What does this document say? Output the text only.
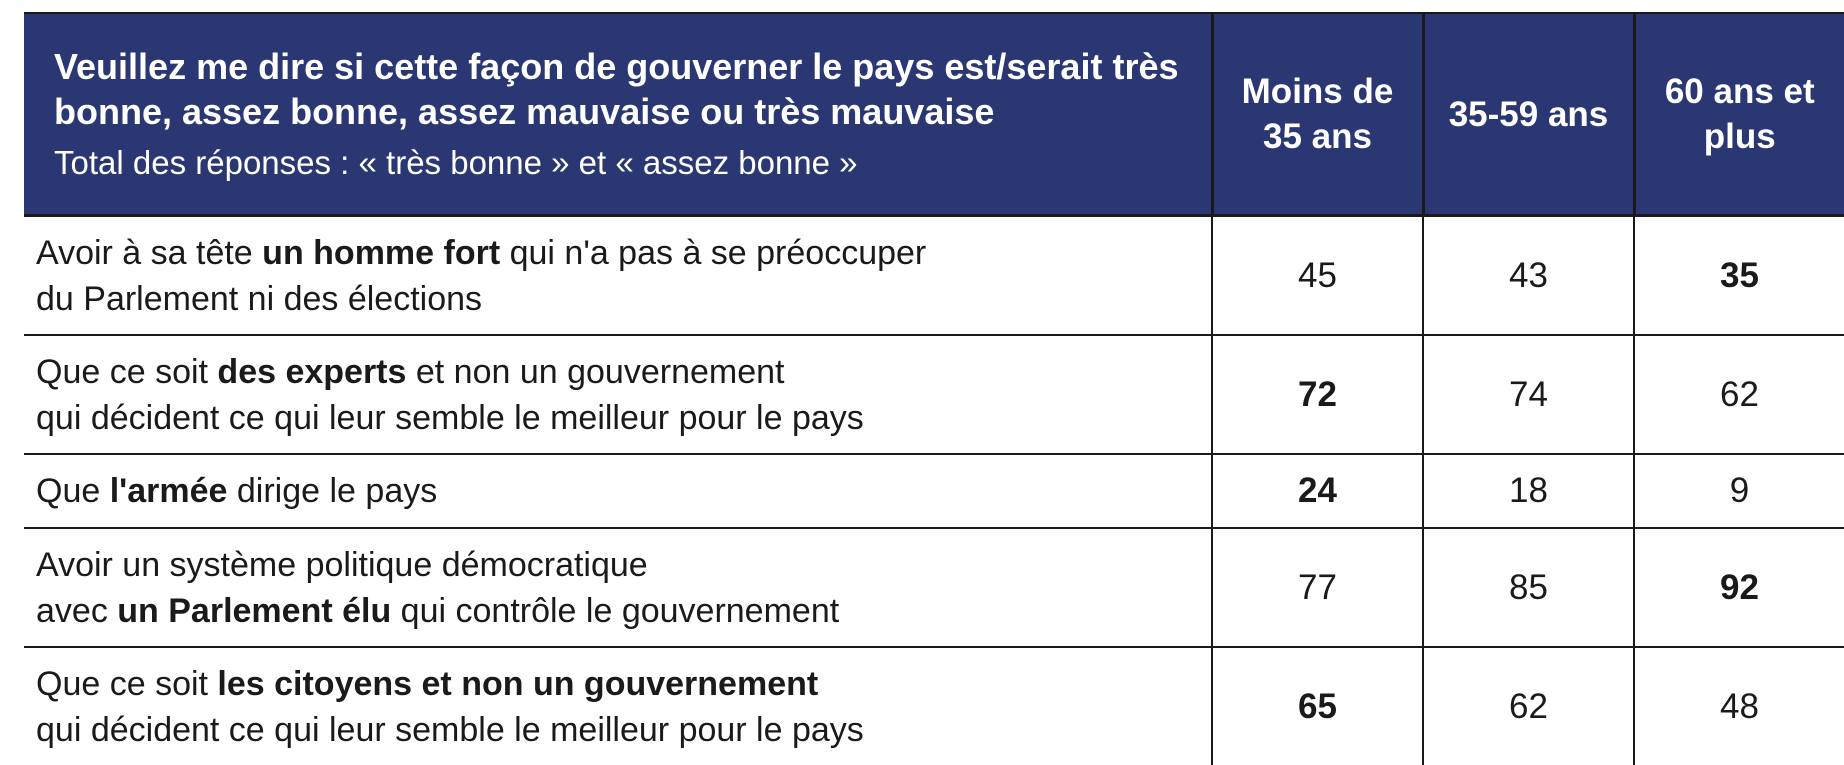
Veuillez me dire si cette façon de gouverner le pays est/serait très bonne, assez bonne, assez mauvaise ou très mauvaise
Total des réponses : « très bonne » et « assez bonne »	Moins de 35 ans	35-59 ans	60 ans et plus

Avoir à sa tête un homme fort qui n'a pas à se préoccuper
du Parlement ni des élections	45	43	35

Que ce soit des experts et non un gouvernement
qui décident ce qui leur semble le meilleur pour le pays	72	74	62

Que l'armée dirige le pays	24	18	9

Avoir un système politique démocratique
avec un Parlement élu qui contrôle le gouvernement	77	85	92

Que ce soit les citoyens et non un gouvernement
qui décident ce qui leur semble le meilleur pour le pays	65	62	48
